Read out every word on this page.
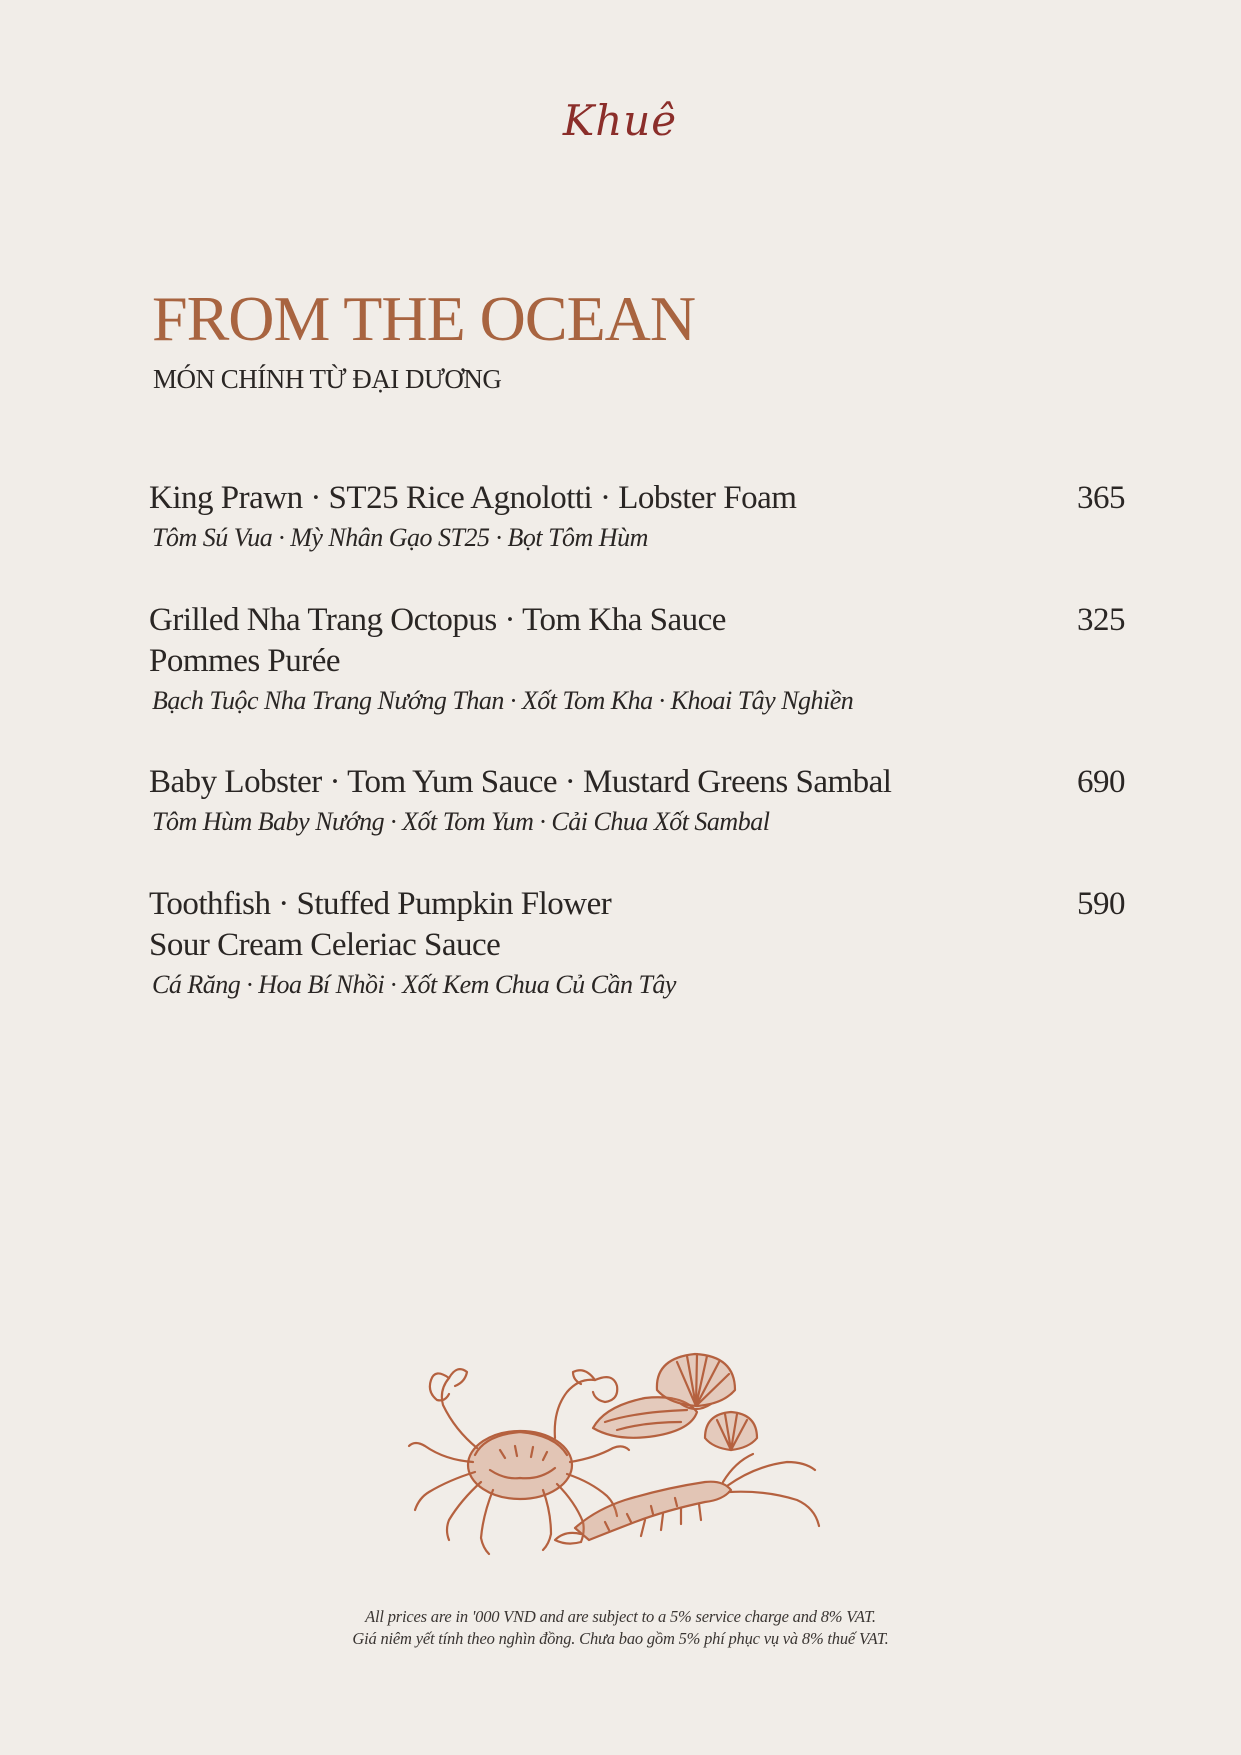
Khuê
FROM THE OCEAN
MÓN CHÍNH TỪ ĐẠI DƯƠNG
King Prawn · ST25 Rice Agnolotti · Lobster Foam
Tôm Sú Vua · Mỳ Nhân Gạo ST25 · Bọt Tôm Hùm
365
Grilled Nha Trang Octopus · Tom Kha Sauce
Pommes Purée
Bạch Tuộc Nha Trang Nướng Than · Xốt Tom Kha · Khoai Tây Nghiền
325
Baby Lobster · Tom Yum Sauce · Mustard Greens Sambal
Tôm Hùm Baby Nướng · Xốt Tom Yum · Cải Chua Xốt Sambal
690
Toothfish · Stuffed Pumpkin Flower
Sour Cream Celeriac Sauce
Cá Răng · Hoa Bí Nhồi · Xốt Kem Chua Củ Cần Tây
590
All prices are in '000 VND and are subject to a 5% service charge and 8% VAT.
Giá niêm yết tính theo nghìn đồng. Chưa bao gồm 5% phí phục vụ và 8% thuế VAT.
